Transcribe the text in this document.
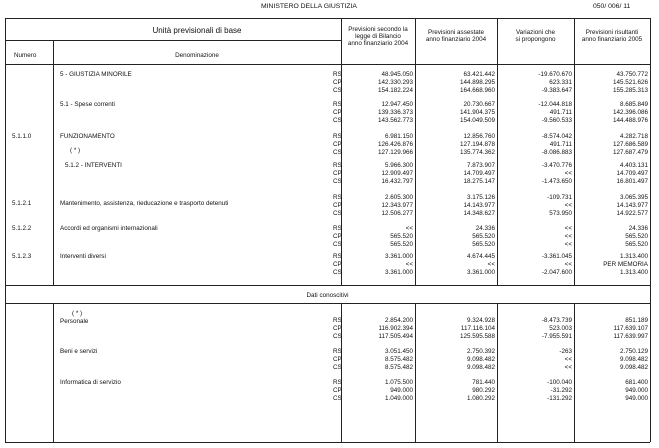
MINISTERO DELLA GIUSTIZIA	050/ 006/ 11
Unità previsionali di base
Numero	Denominazione
Previsioni secondo la
legge di Bilancio
anno finanziario 2004
Previsioni assestate
anno finanziario 2004
Variazioni che
si propongono
Previsioni risultanti
anno finanziario 2005
Dati conoscitivi
5 - GIUSTIZIA MINORILE	RS	48.945.050	63.421.442	-19.670.670	43.750.772
CP	142.330.293	144.898.295	623.331	145.521.626
CS	154.182.224	164.668.960	-9.383.647	155.285.313
5.1 - Spese correnti	RS	12.947.450	20.730.667	-12.044.818	8.685.849
CP	139.336.373	141.904.375	491.711	142.396.086
CS	143.562.773	154.049.509	-9.560.533	144.488.976
5.1.1.0	FUNZIONAMENTO
( * )
RS	6.981.150	12.856.760	-8.574.042	4.282.718
CP	126.426.876	127.194.878	491.711	127.686.589
CS	127.129.966	135.774.362	-8.086.883	127.687.479
5.1.2 - INTERVENTI	RS	5.966.300	7.873.907	-3.470.776	4.403.131
CP	12.909.497	14.709.497	<<	14.709.497
CS	16.432.797	18.275.147	-1.473.650	16.801.497
5.1.2.1	Mantenimento, assistenza, rieducazione e trasporto detenuti
RS	2.605.300	3.175.126	-109.731	3.065.395
CP	12.343.977	14.143.977	<<	14.143.977
CS	12.506.277	14.348.627	573.950	14.922.577
5.1.2.2	Accordi ed organismi internazionali	RS	<<	24.336	<<	24.336
CP	565.520	565.520	<<	565.520
CS	565.520	565.520	<<	565.520
5.1.2.3	Interventi diversi	RS	3.361.000	4.674.445	-3.361.045	1.313.400
CP	<<	<<	<<	PER MEMORIA
CS	3.361.000	3.361.000	-2.047.600	1.313.400
( * )
Personale	RS	2.854.200	9.324.928	-8.473.739	851.189
CP	116.902.394	117.116.104	523.003	117.639.107
CS	117.505.494	125.595.588	-7.955.591	117.639.997
Beni e servizi	RS	3.051.450	2.750.392	-263	2.750.129
CP	8.575.482	9.098.482	<<	9.098.482
CS	8.575.482	9.098.482	<<	9.098.482
Informatica di servizio	RS	1.075.500	781.440	-100.040	681.400
CP	949.000	980.292	-31.292	949.000
CS	1.049.000	1.080.292	-131.292	949.000
